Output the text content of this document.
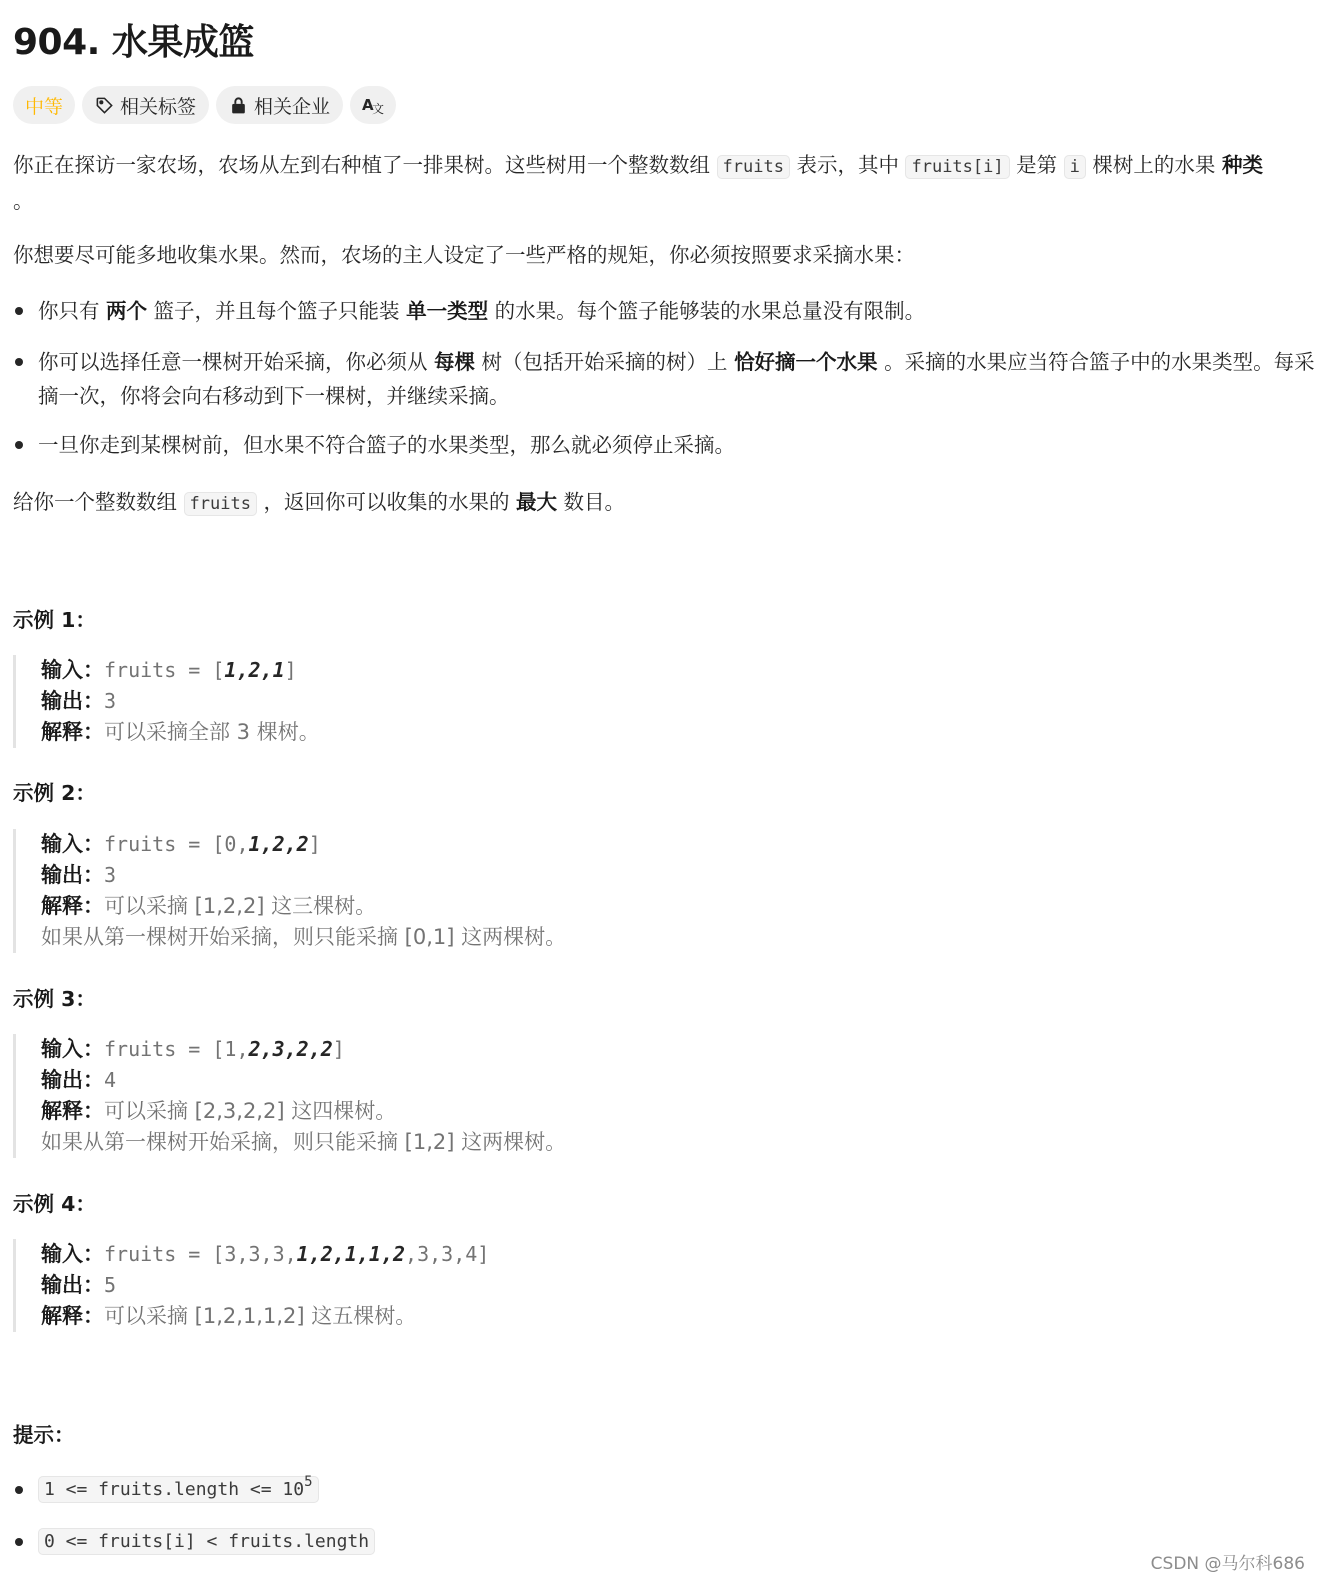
904. 水果成篮
中等	相关标签	相关企业 A
文
你正在探访一家农场，农场从左到右种植了一排果树。这些树用一个整数数组 fruits 表示，其中 fruits[i] 是第 i 棵树上的水果 种类
。
你想要尽可能多地收集水果。然而，农场的主人设定了一些严格的规矩，你必须按照要求采摘水果：
你只有 两个 篮子，并且每个篮子只能装 单一类型 的水果。每个篮子能够装的水果总量没有限制。
你可以选择任意一棵树开始采摘，你必须从 每棵 树（包括开始采摘的树）上 恰好摘一个水果 。采摘的水果应当符合篮子中的水果类型。每采摘一次，你将会向右移动到下一棵树，并继续采摘。
一旦你走到某棵树前，但水果不符合篮子的水果类型，那么就必须停止采摘。
给你一个整数数组 fruits ，返回你可以收集的水果的 最大 数目。
示例 1：
输入：fruits = [1,2,1]
输出：3
解释：可以采摘全部 3 棵树。
示例 2：
输入：fruits = [0,1,2,2]
输出：3
解释：可以采摘 [1,2,2] 这三棵树。
如果从第一棵树开始采摘，则只能采摘 [0,1] 这两棵树。
示例 3：
输入：fruits = [1,2,3,2,2]
输出：4
解释：可以采摘 [2,3,2,2] 这四棵树。
如果从第一棵树开始采摘，则只能采摘 [1,2] 这两棵树。
示例 4：
输入：fruits = [3,3,3,1,2,1,1,2,3,3,4]
输出：5
解释：可以采摘 [1,2,1,1,2] 这五棵树。
提示：
1 <= fruits.length <= $10^5$
0 <= fruits[i] < fruits.length
CSDN @马尔科686
